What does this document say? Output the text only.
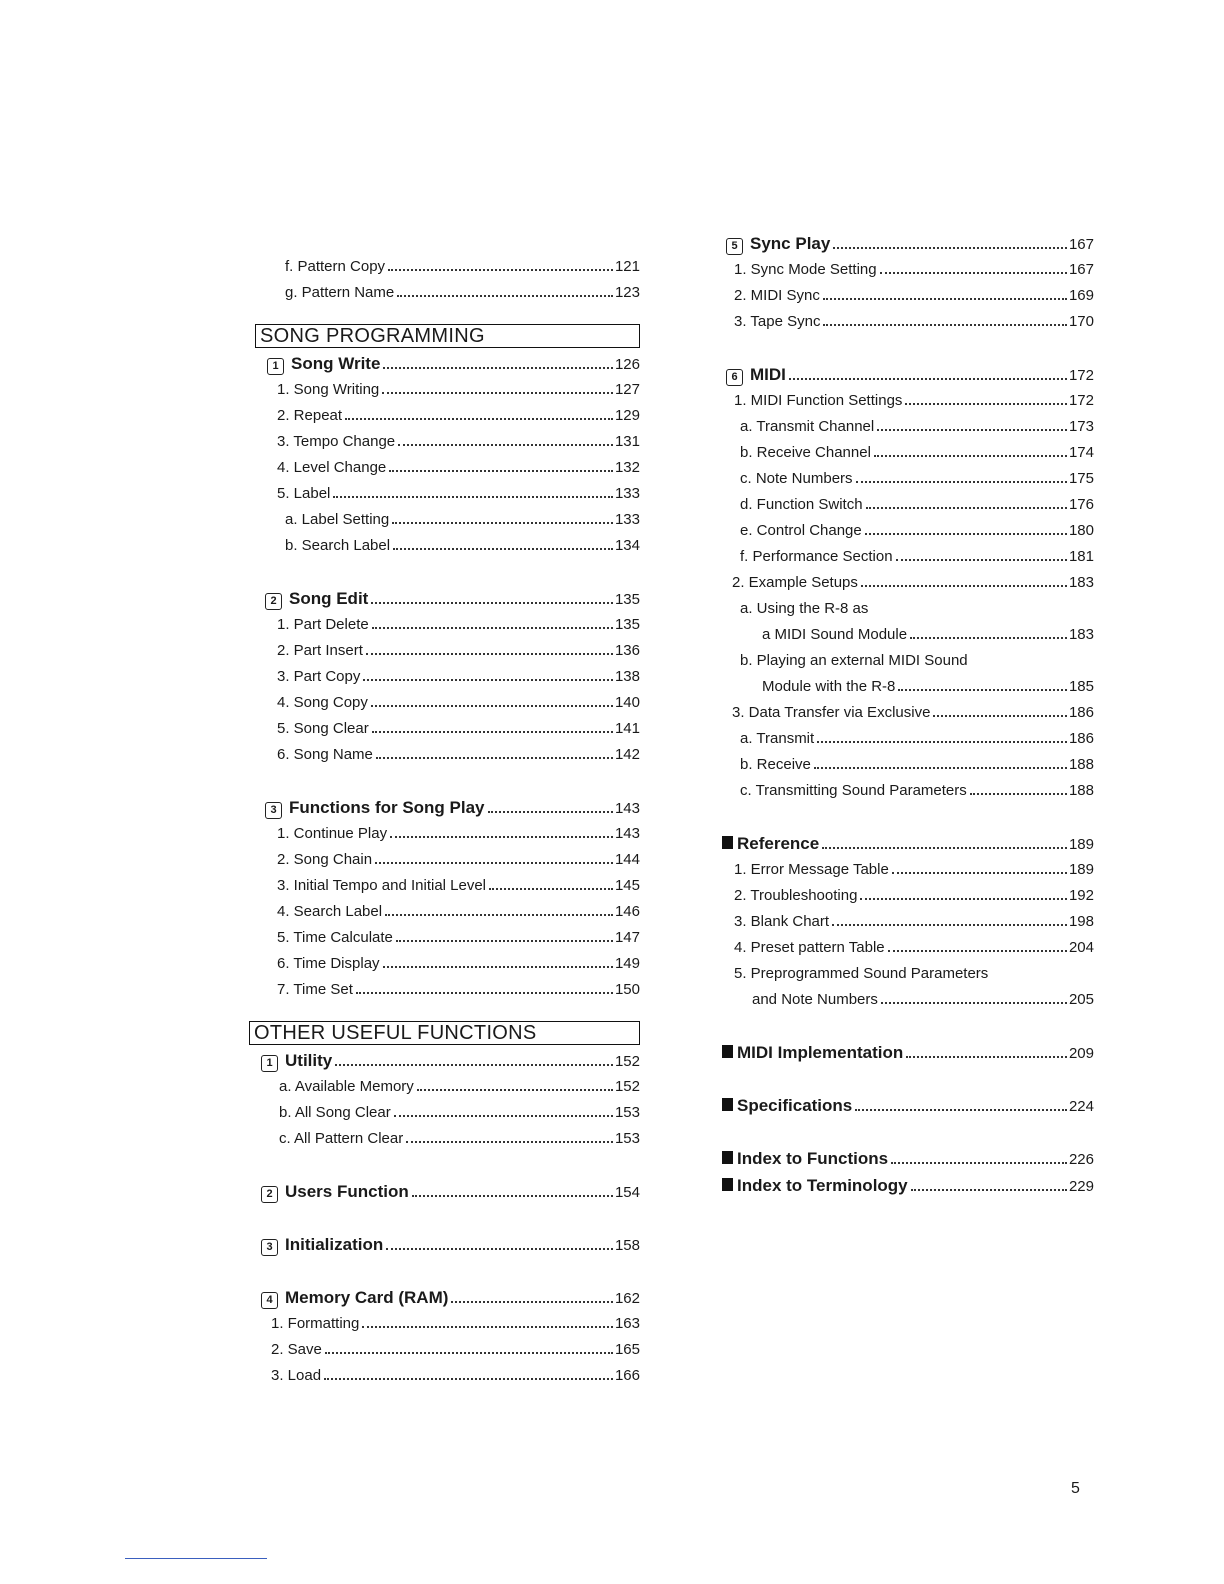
f. Pattern Copy	121
g. Pattern Name	123
SONG PROGRAMMING
1 Song Write	126
1. Song Writing	127
2. Repeat	129
3. Tempo Change	131
4. Level Change	132
5. Label	133
a. Label Setting	133
b. Search Label	134
2 Song Edit	135
1. Part Delete	135
2. Part Insert	136
3. Part Copy	138
4. Song Copy	140
5. Song Clear	141
6. Song Name	142
3 Functions for Song Play	143
1. Continue Play	143
2. Song Chain	144
3. Initial Tempo and Initial Level	145
4. Search Label	146
5. Time Calculate	147
6. Time Display	149
7. Time Set	150
OTHER USEFUL FUNCTIONS
1 Utility	152
a. Available Memory	152
b. All Song Clear	153
c. All Pattern Clear	153
2 Users Function	154
3 Initialization	158
4 Memory Card (RAM)	162
1. Formatting	163
2. Save	165
3. Load	166
5 Sync Play	167
1. Sync Mode Setting	167
2. MIDI Sync	169
3. Tape Sync	170
6 MIDI	172
1. MIDI Function Settings	172
a. Transmit Channel	173
b. Receive Channel	174
c. Note Numbers	175
d. Function Switch	176
e. Control Change	180
f. Performance Section	181
2. Example Setups	183
a. Using the R-8 as
a MIDI Sound Module	183
b. Playing an external MIDI Sound
Module with the R-8	185
3. Data Transfer via Exclusive	186
a. Transmit	186
b. Receive	188
c. Transmitting Sound Parameters	188
Reference	189
1. Error Message Table	189
2. Troubleshooting	192
3. Blank Chart	198
4. Preset pattern Table	204
5. Preprogrammed Sound Parameters
and Note Numbers	205
MIDI Implementation	209
Specifications	224
Index to Functions	226
Index to Terminology	229
5
